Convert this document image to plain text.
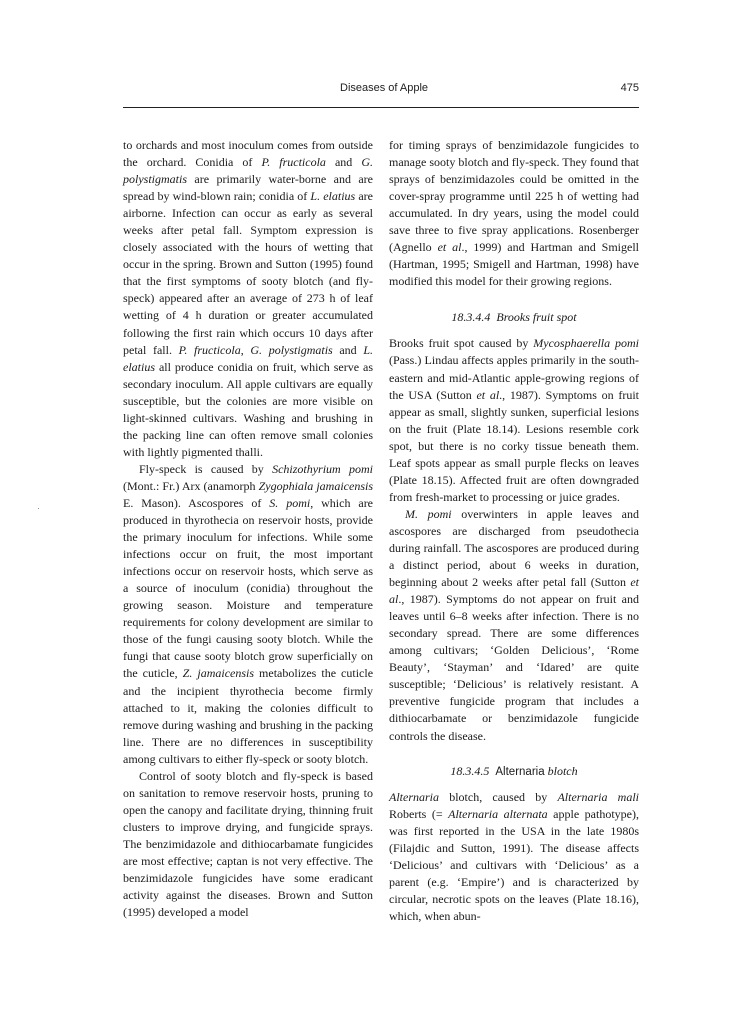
Diseases of Apple	475

to orchards and most inoculum comes from outside the orchard. Conidia of P. fructicola and G. polystigmatis are primarily water-borne and are spread by wind-blown rain; conidia of L. elatius are airborne. Infection can occur as early as several weeks after petal fall. Symptom expression is closely associated with the hours of wetting that occur in the spring. Brown and Sutton (1995) found that the first symptoms of sooty blotch (and fly-speck) appeared after an average of 273 h of leaf wetting of 4 h duration or greater accumulated following the first rain which occurs 10 days after petal fall. P. fructicola, G. polystigmatis and L. elatius all produce conidia on fruit, which serve as secondary inoculum. All apple cultivars are equally susceptible, but the colonies are more visible on light-skinned cultivars. Washing and brushing in the packing line can often remove small colonies with lightly pigmented thalli.

Fly-speck is caused by Schizothyrium pomi (Mont.: Fr.) Arx (anamorph Zygophiala jamaicensis E. Mason). Ascospores of S. pomi, which are produced in thyrothecia on reservoir hosts, provide the primary inoculum for infections. While some infections occur on fruit, the most important infections occur on reservoir hosts, which serve as a source of inoculum (conidia) throughout the growing season. Moisture and temperature requirements for colony development are similar to those of the fungi causing sooty blotch. While the fungi that cause sooty blotch grow superficially on the cuticle, Z. jamaicensis metabolizes the cuticle and the incipient thyrothecia become firmly attached to it, making the colonies difficult to remove during washing and brushing in the packing line. There are no differences in susceptibility among cultivars to either fly-speck or sooty blotch.

Control of sooty blotch and fly-speck is based on sanitation to remove reservoir hosts, pruning to open the canopy and facilitate drying, thinning fruit clusters to improve drying, and fungicide sprays. The benzimidazole and dithiocarbamate fungicides are most effective; captan is not very effective. The benzimidazole fungicides have some eradicant activity against the diseases. Brown and Sutton (1995) developed a model

for timing sprays of benzimidazole fungicides to manage sooty blotch and fly-speck. They found that sprays of benzimidazoles could be omitted in the cover-spray programme until 225 h of wetting had accumulated. In dry years, using the model could save three to five spray applications. Rosenberger (Agnello et al., 1999) and Hartman and Smigell (Hartman, 1995; Smigell and Hartman, 1998) have modified this model for their growing regions.

18.3.4.4 Brooks fruit spot

Brooks fruit spot caused by Mycosphaerella pomi (Pass.) Lindau affects apples primarily in the south-eastern and mid-Atlantic apple-growing regions of the USA (Sutton et al., 1987). Symptoms on fruit appear as small, slightly sunken, superficial lesions on the fruit (Plate 18.14). Lesions resemble cork spot, but there is no corky tissue beneath them. Leaf spots appear as small purple flecks on leaves (Plate 18.15). Affected fruit are often downgraded from fresh-market to processing or juice grades.

M. pomi overwinters in apple leaves and ascospores are discharged from pseudothecia during rainfall. The ascospores are produced during a distinct period, about 6 weeks in duration, beginning about 2 weeks after petal fall (Sutton et al., 1987). Symptoms do not appear on fruit and leaves until 6–8 weeks after infection. There is no secondary spread. There are some differences among cultivars; ‘Golden Delicious’, ‘Rome Beauty’, ‘Stayman’ and ‘Idared’ are quite susceptible; ‘Delicious’ is relatively resistant. A preventive fungicide program that includes a dithiocarbamate or benzimidazole fungicide controls the disease.

18.3.4.5 Alternaria blotch

Alternaria blotch, caused by Alternaria mali Roberts (= Alternaria alternata apple pathotype), was first reported in the USA in the late 1980s (Filajdic and Sutton, 1991). The disease affects ‘Delicious’ and cultivars with ‘Delicious’ as a parent (e.g. ‘Empire’) and is characterized by circular, necrotic spots on the leaves (Plate 18.16), which, when abun-
